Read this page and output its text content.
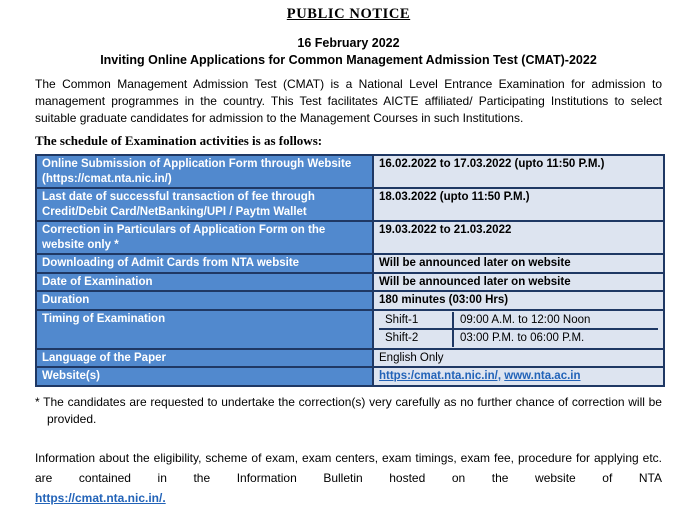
PUBLIC NOTICE
16 February 2022
Inviting Online Applications for Common Management Admission Test (CMAT)-2022
The Common Management Admission Test (CMAT) is a National Level Entrance Examination for admission to management programmes in the country. This Test facilitates AICTE affiliated/ Participating Institutions to select suitable graduate candidates for admission to the Management Courses in such Institutions.
The schedule of Examination activities is as follows:
Online Submission of Application Form through Website (https://cmat.nta.nic.in/)	16.02.2022 to 17.03.2022 (upto 11:50 P.M.)
Last date of successful transaction of fee through Credit/Debit Card/NetBanking/UPI / Paytm Wallet	18.03.2022 (upto 11:50 P.M.)
Correction in Particulars of Application Form on the website only *	19.03.2022 to 21.03.2022
Downloading of Admit Cards from NTA website	Will be announced later on website
Date of Examination	Will be announced later on website
Duration	180 minutes (03:00 Hrs)
Timing of Examination	Shift-1 09:00 A.M. to 12:00 Noon
Shift-2 03:00 P.M. to 06:00 P.M.

Language of the Paper	English Only
Website(s)	https:/cmat.nta.nic.in/, www.nta.ac.in
* The candidates are requested to undertake the correction(s) very carefully as no further chance of correction will be provided.
Information about the eligibility, scheme of exam, exam centers, exam timings, exam fee, procedure for applying etc. are contained in the Information Bulletin hosted on the website of NTA
https://cmat.nta.nic.in/.
